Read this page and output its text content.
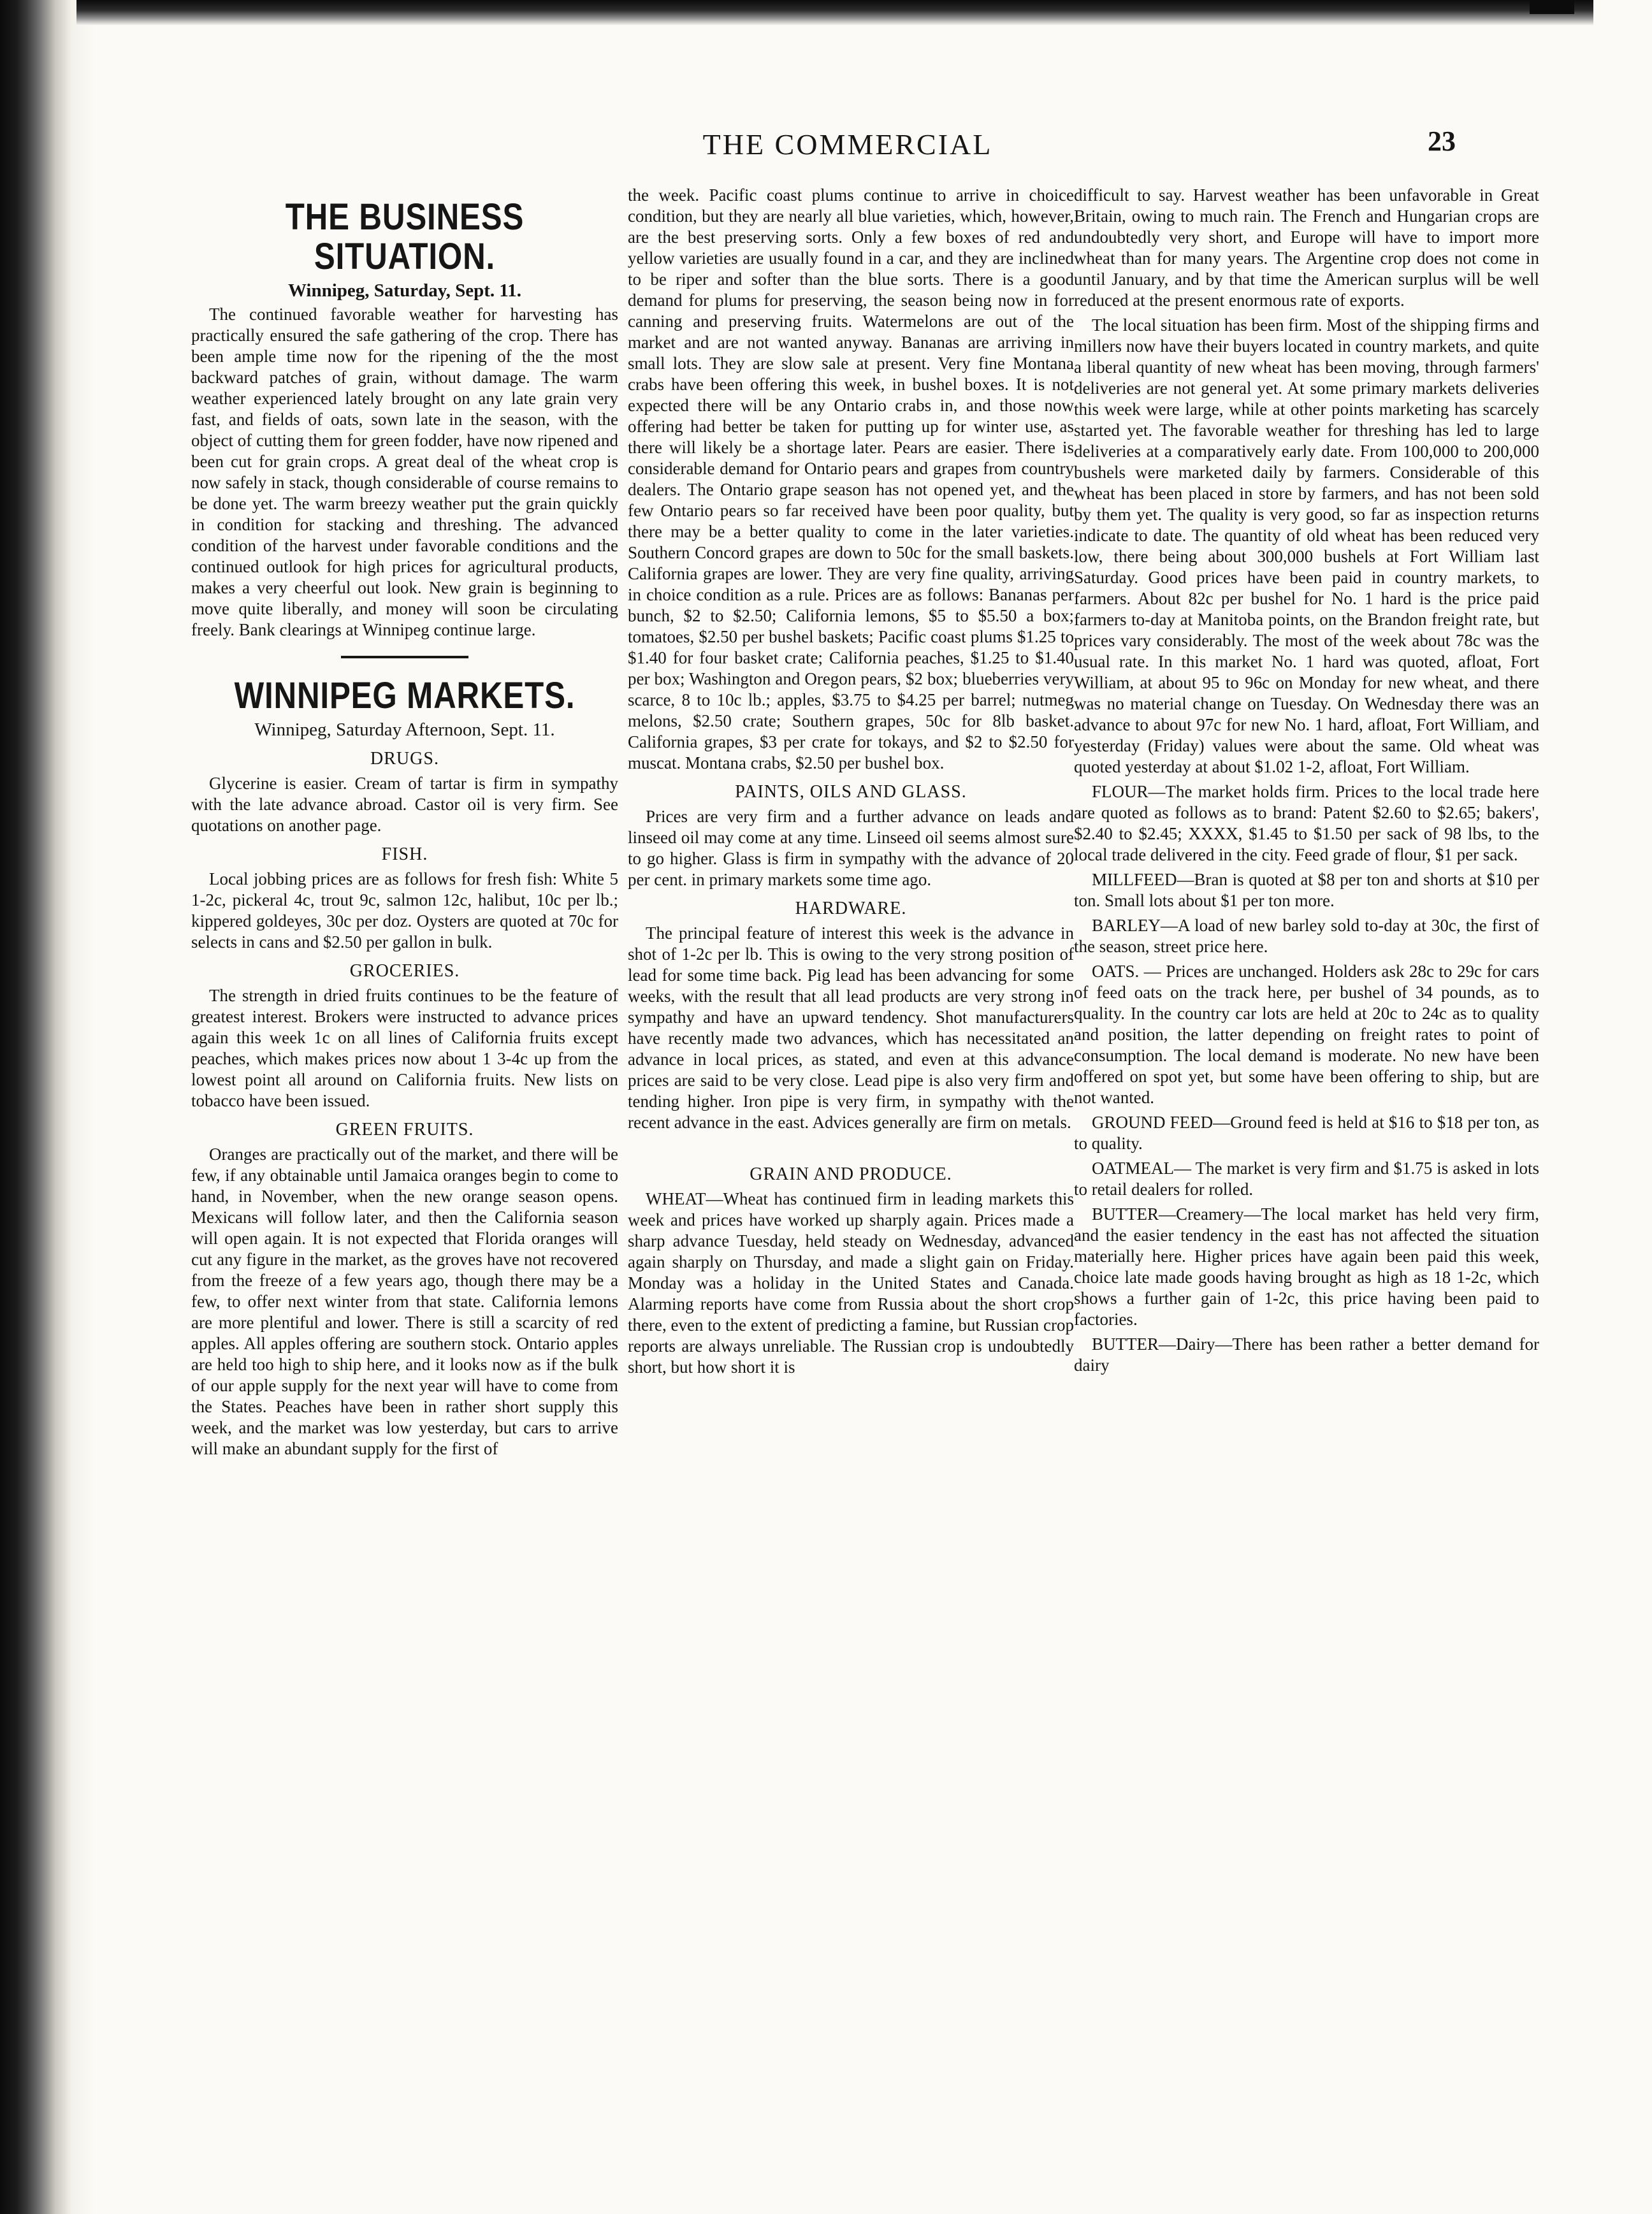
THE COMMERCIAL	23
THE BUSINESS SITUATION.
Winnipeg, Saturday, Sept. 11.

The continued favorable weather for harvesting has practically ensured the safe gathering of the crop. There has been ample time now for the ripening of the the most backward patches of grain, without damage. The warm weather experienced lately brought on any late grain very fast, and fields of oats, sown late in the season, with the object of cutting them for green fodder, have now ripened and been cut for grain crops. A great deal of the wheat crop is now safely in stack, though considerable of course remains to be done yet. The warm breezy weather put the grain quickly in condition for stacking and threshing. The advanced condition of the harvest under favorable conditions and the continued outlook for high prices for agricultural products, makes a very cheerful out look. New grain is beginning to move quite liberally, and money will soon be circulating freely. Bank clearings at Winnipeg continue large.

WINNIPEG MARKETS.
Winnipeg, Saturday Afternoon, Sept. 11.
DRUGS.

Glycerine is easier. Cream of tartar is firm in sympathy with the late advance abroad. Castor oil is very firm. See quotations on another page.

FISH.

Local jobbing prices are as follows for fresh fish: White 5 1-2c, pickeral 4c, trout 9c, salmon 12c, halibut, 10c per lb.; kippered goldeyes, 30c per doz. Oysters are quoted at 70c for selects in cans and $2.50 per gallon in bulk.

GROCERIES.

The strength in dried fruits continues to be the feature of greatest interest. Brokers were instructed to advance prices again this week 1c on all lines of California fruits except peaches, which makes prices now about 1 3-4c up from the lowest point all around on California fruits. New lists on tobacco have been issued.

GREEN FRUITS.

Oranges are practically out of the market, and there will be few, if any obtainable until Jamaica oranges begin to come to hand, in November, when the new orange season opens. Mexicans will follow later, and then the California season will open again. It is not expected that Florida oranges will cut any figure in the market, as the groves have not recovered from the freeze of a few years ago, though there may be a few, to offer next winter from that state. California lemons are more plentiful and lower. There is still a scarcity of red apples. All apples offering are southern stock. Ontario apples are held too high to ship here, and it looks now as if the bulk of our apple supply for the next year will have to come from the States. Peaches have been in rather short supply this week, and the market was low yesterday, but cars to arrive will make an abundant supply for the first of

the week. Pacific coast plums continue to arrive in choice condition, but they are nearly all blue varieties, which, however, are the best preserving sorts. Only a few boxes of red and yellow varieties are usually found in a car, and they are inclined to be riper and softer than the blue sorts. There is a good demand for plums for preserving, the season being now in for canning and preserving fruits. Watermelons are out of the market and are not wanted anyway. Bananas are arriving in small lots. They are slow sale at present. Very fine Montana crabs have been offering this week, in bushel boxes. It is not expected there will be any Ontario crabs in, and those now offering had better be taken for putting up for winter use, as there will likely be a shortage later. Pears are easier. There is considerable demand for Ontario pears and grapes from country dealers. The Ontario grape season has not opened yet, and the few Ontario pears so far received have been poor quality, but there may be a better quality to come in the later varieties. Southern Concord grapes are down to 50c for the small baskets. California grapes are lower. They are very fine quality, arriving in choice condition as a rule. Prices are as follows: Bananas per bunch, $2 to $2.50; California lemons, $5 to $5.50 a box; tomatoes, $2.50 per bushel baskets; Pacific coast plums $1.25 to $1.40 for four basket crate; California peaches, $1.25 to $1.40 per box; Washington and Oregon pears, $2 box; blueberries very scarce, 8 to 10c lb.; apples, $3.75 to $4.25 per barrel; nutmeg melons, $2.50 crate; Southern grapes, 50c for 8lb basket. California grapes, $3 per crate for tokays, and $2 to $2.50 for muscat. Montana crabs, $2.50 per bushel box.

PAINTS, OILS AND GLASS.

Prices are very firm and a further advance on leads and linseed oil may come at any time. Linseed oil seems almost sure to go higher. Glass is firm in sympathy with the advance of 20 per cent. in primary markets some time ago.

HARDWARE.

The principal feature of interest this week is the advance in shot of 1-2c per lb. This is owing to the very strong position of lead for some time back. Pig lead has been advancing for some weeks, with the result that all lead products are very strong in sympathy and have an upward tendency. Shot manufacturers have recently made two advances, which has necessitated an advance in local prices, as stated, and even at this advance prices are said to be very close. Lead pipe is also very firm and tending higher. Iron pipe is very firm, in sympathy with the recent advance in the east. Advices generally are firm on metals.

GRAIN AND PRODUCE.

WHEAT—Wheat has continued firm in leading markets this week and prices have worked up sharply again. Prices made a sharp advance Tuesday, held steady on Wednesday, advanced again sharply on Thursday, and made a slight gain on Friday. Monday was a holiday in the United States and Canada. Alarming reports have come from Russia about the short crop there, even to the extent of predicting a famine, but Russian crop reports are always unreliable. The Russian crop is undoubtedly short, but how short it is

difficult to say. Harvest weather has been unfavorable in Great Britain, owing to much rain. The French and Hungarian crops are undoubtedly very short, and Europe will have to import more wheat than for many years. The Argentine crop does not come in until January, and by that time the American surplus will be well reduced at the present enormous rate of exports.

The local situation has been firm. Most of the shipping firms and millers now have their buyers located in country markets, and quite a liberal quantity of new wheat has been moving, through farmers' deliveries are not general yet. At some primary markets deliveries this week were large, while at other points marketing has scarcely started yet. The favorable weather for threshing has led to large deliveries at a comparatively early date. From 100,000 to 200,000 bushels were marketed daily by farmers. Considerable of this wheat has been placed in store by farmers, and has not been sold by them yet. The quality is very good, so far as inspection returns indicate to date. The quantity of old wheat has been reduced very low, there being about 300,000 bushels at Fort William last Saturday. Good prices have been paid in country markets, to farmers. About 82c per bushel for No. 1 hard is the price paid farmers to-day at Manitoba points, on the Brandon freight rate, but prices vary considerably. The most of the week about 78c was the usual rate. In this market No. 1 hard was quoted, afloat, Fort William, at about 95 to 96c on Monday for new wheat, and there was no material change on Tuesday. On Wednesday there was an advance to about 97c for new No. 1 hard, afloat, Fort William, and yesterday (Friday) values were about the same. Old wheat was quoted yesterday at about $1.02 1-2, afloat, Fort William.

FLOUR—The market holds firm. Prices to the local trade here are quoted as follows as to brand: Patent $2.60 to $2.65; bakers', $2.40 to $2.45; XXXX, $1.45 to $1.50 per sack of 98 lbs, to the local trade delivered in the city. Feed grade of flour, $1 per sack.

MILLFEED—Bran is quoted at $8 per ton and shorts at $10 per ton. Small lots about $1 per ton more.

BARLEY—A load of new barley sold to-day at 30c, the first of the season, street price here.

OATS. — Prices are unchanged. Holders ask 28c to 29c for cars of feed oats on the track here, per bushel of 34 pounds, as to quality. In the country car lots are held at 20c to 24c as to quality and position, the latter depending on freight rates to point of consumption. The local demand is moderate. No new have been offered on spot yet, but some have been offering to ship, but are not wanted.

GROUND FEED—Ground feed is held at $16 to $18 per ton, as to quality.

OATMEAL— The market is very firm and $1.75 is asked in lots to retail dealers for rolled.

BUTTER—Creamery—The local market has held very firm, and the easier tendency in the east has not affected the situation materially here. Higher prices have again been paid this week, choice late made goods having brought as high as 18 1-2c, which shows a further gain of 1-2c, this price having been paid to factories.

BUTTER—Dairy—There has been rather a better demand for dairy
